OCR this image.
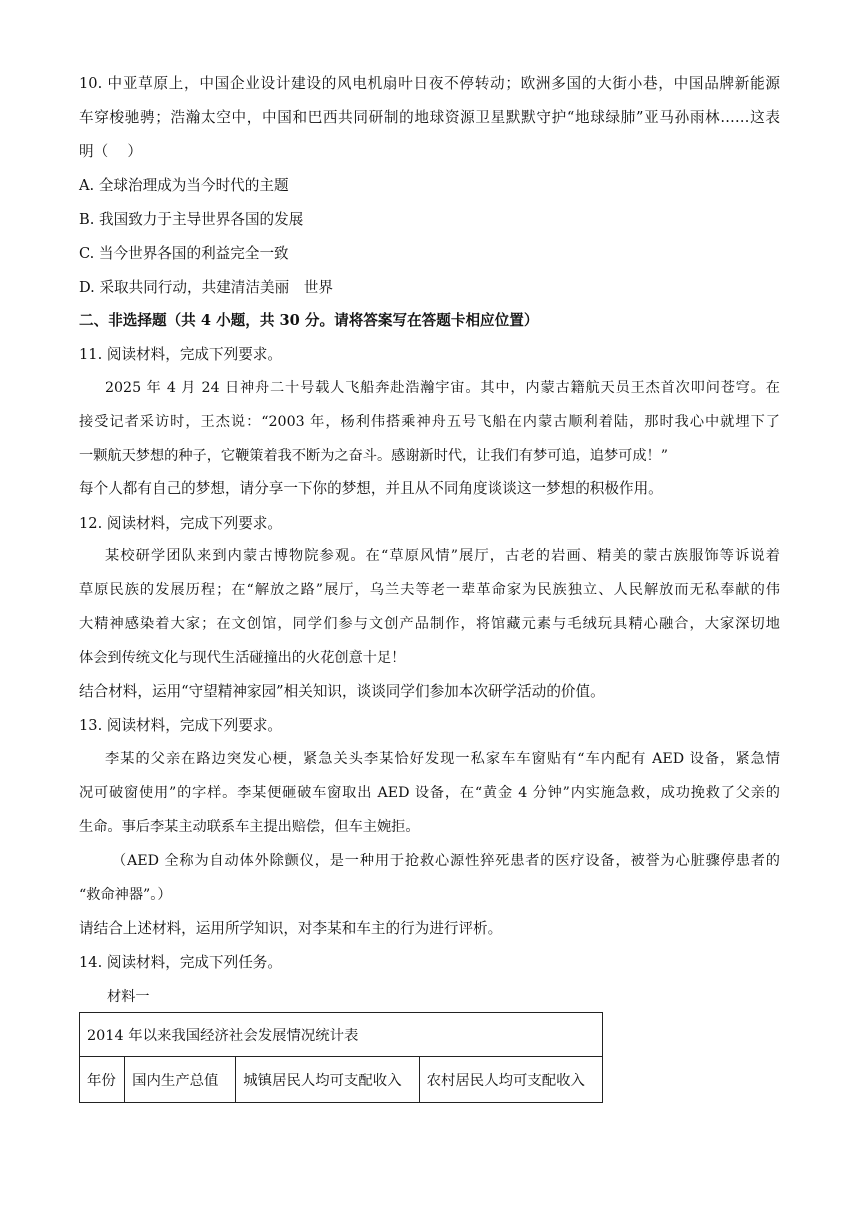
10. 中亚草原上，中国企业设计建设的风电机扇叶日夜不停转动；欧洲多国的大街小巷，中国品牌新能源
车穿梭驰骋；浩瀚太空中，中国和巴西共同研制的地球资源卫星默默守护“地球绿肺”亚马孙雨林……这表
明（　 ）
A. 全球治理成为当今时代的主题
B. 我国致力于主导世界各国的发展
C. 当今世界各国的利益完全一致
D. 采取共同行动，共建清洁美丽　世界
二、非选择题（共 4 小题，共 30 分。请将答案写在答题卡相应位置）
11. 阅读材料，完成下列要求。
2025 年 4 月 24 日神舟二十号载人飞船奔赴浩瀚宇宙。其中，内蒙古籍航天员王杰首次叩问苍穹。在
接受记者采访时，王杰说：“2003 年，杨利伟搭乘神舟五号飞船在内蒙古顺利着陆，那时我心中就埋下了
一颗航天梦想的种子，它鞭策着我不断为之奋斗。感谢新时代，让我们有梦可追，追梦可成！”
每个人都有自己的梦想，请分享一下你的梦想，并且从不同角度谈谈这一梦想的积极作用。
12. 阅读材料，完成下列要求。
某校研学团队来到内蒙古博物院参观。在“草原风情”展厅，古老的岩画、精美的蒙古族服饰等诉说着
草原民族的发展历程；在“解放之路”展厅，乌兰夫等老一辈革命家为民族独立、人民解放而无私奉献的伟
大精神感染着大家；在文创馆，同学们参与文创产品制作，将馆藏元素与毛绒玩具精心融合，大家深切地
体会到传统文化与现代生活碰撞出的火花创意十足！
结合材料，运用“守望精神家园”相关知识，谈谈同学们参加本次研学活动的价值。
13. 阅读材料，完成下列要求。
李某的父亲在路边突发心梗，紧急关头李某恰好发现一私家车车窗贴有“车内配有 AED 设备，紧急情
况可破窗使用”的字样。李某便砸破车窗取出 AED 设备，在“黄金 4 分钟”内实施急救，成功挽救了父亲的
生命。事后李某主动联系车主提出赔偿，但车主婉拒。
（AED 全称为自动体外除颤仪，是一种用于抢救心源性猝死患者的医疗设备，被誉为心脏骤停患者的
“救命神器”。）
请结合上述材料，运用所学知识，对李某和车主的行为进行评析。
14. 阅读材料，完成下列任务。
材料一
2014 年以来我国经济社会发展情况统计表
年份	国内生产总值	城镇居民人均可支配收入	农村居民人均可支配收入
